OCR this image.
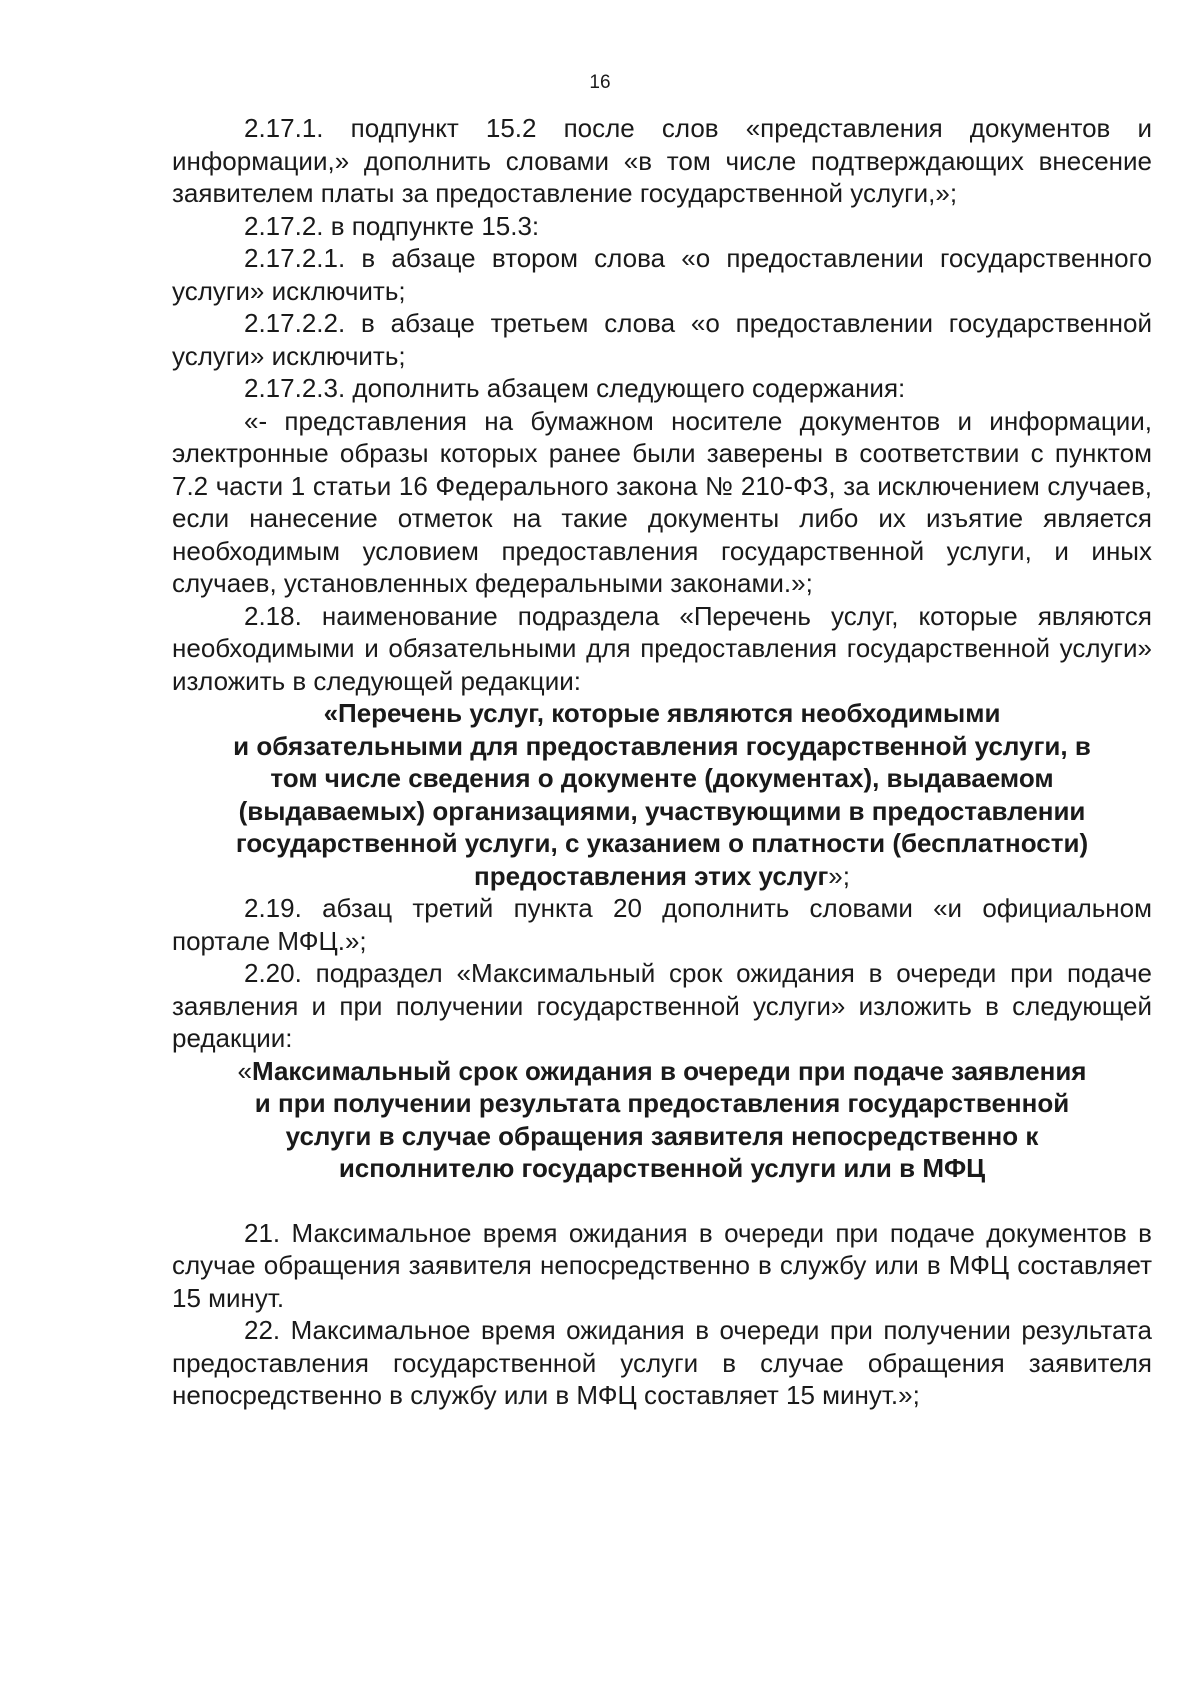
16

2.17.1. подпункт 15.2 после слов «представления документов и информации,» дополнить словами «в том числе подтверждающих внесение заявителем платы за предоставление государственной услуги,»;

2.17.2. в подпункте 15.3:

2.17.2.1. в абзаце втором слова «о предоставлении государственного услуги» исключить;

2.17.2.2. в абзаце третьем слова «о предоставлении государственной услуги» исключить;

2.17.2.3. дополнить абзацем следующего содержания:

«- представления на бумажном носителе документов и информации, электронные образы которых ранее были заверены в соответствии с пунктом 7.2 части 1 статьи 16 Федерального закона № 210-ФЗ, за исключением случаев, если нанесение отметок на такие документы либо их изъятие является необходимым условием предоставления государственной услуги, и иных случаев, установленных федеральными законами.»;

2.18. наименование подраздела «Перечень услуг, которые являются необходимыми и обязательными для предоставления государственной услуги» изложить в следующей редакции:

«Перечень услуг, которые являются необходимыми
и обязательными для предоставления государственной услуги, в
том числе сведения о документе (документах), выдаваемом
(выдаваемых) организациями, участвующими в предоставлении
государственной услуги, с указанием о платности (бесплатности)
предоставления этих услуг»;

2.19. абзац третий пункта 20 дополнить словами «и официальном портале МФЦ.»;

2.20. подраздел «Максимальный срок ожидания в очереди при подаче заявления и при получении государственной услуги» изложить в следующей редакции:

«Максимальный срок ожидания в очереди при подаче заявления
и при получении результата предоставления государственной
услуги в случае обращения заявителя непосредственно к
исполнителю государственной услуги или в МФЦ

21. Максимальное время ожидания в очереди при подаче документов в случае обращения заявителя непосредственно в службу или в МФЦ составляет 15 минут.

22. Максимальное время ожидания в очереди при получении результата предоставления государственной услуги в случае обращения заявителя непосредственно в службу или в МФЦ составляет 15 минут.»;
